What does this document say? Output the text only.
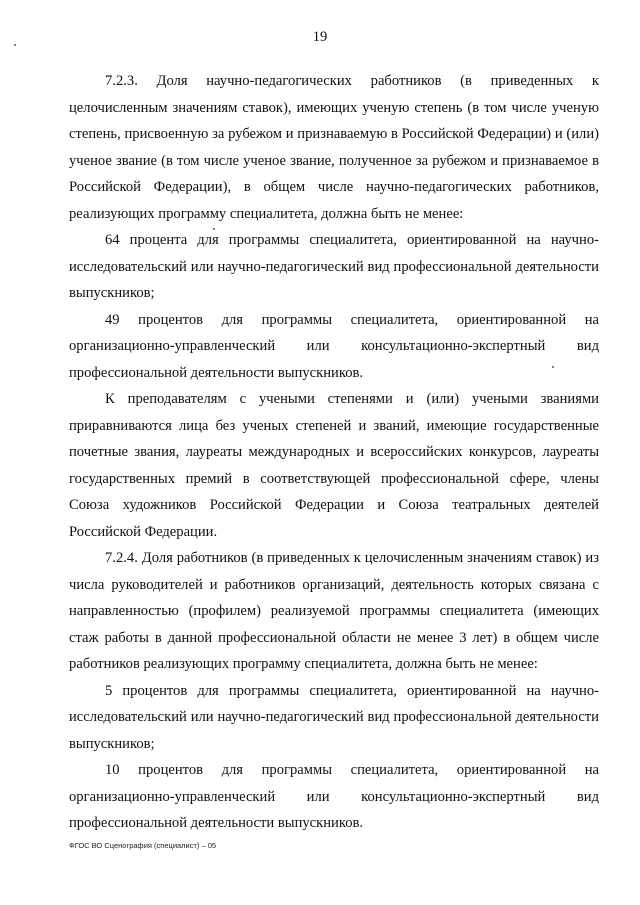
19

7.2.3. Доля научно-педагогических работников (в приведенных к целочисленным значениям ставок), имеющих ученую степень (в том числе ученую степень, присвоенную за рубежом и признаваемую в Российской Федерации) и (или) ученое звание (в том числе ученое звание, полученное за рубежом и признаваемое в Российской Федерации), в общем числе научно-педагогических работников, реализующих программу специалитета, должна быть не менее:

64 процента для программы специалитета, ориентированной на научно-исследовательский или научно-педагогический вид профессиональной деятельности выпускников;

49 процентов для программы специалитета, ориентированной на организационно-управленческий или консультационно-экспертный вид профессиональной деятельности выпускников.

К преподавателям с учеными степенями и (или) учеными званиями приравниваются лица без ученых степеней и званий, имеющие государственные почетные звания, лауреаты международных и всероссийских конкурсов, лауреаты государственных премий в соответствующей профессиональной сфере, члены Союза художников Российской Федерации и Союза театральных деятелей Российской Федерации.

7.2.4. Доля работников (в приведенных к целочисленным значениям ставок) из числа руководителей и работников организаций, деятельность которых связана с направленностью (профилем) реализуемой программы специалитета (имеющих стаж работы в данной профессиональной области не менее 3 лет) в общем числе работников реализующих программу специалитета, должна быть не менее:

5 процентов для программы специалитета, ориентированной на научно-исследовательский или научно-педагогический вид профессиональной деятельности выпускников;

10 процентов для программы специалитета, ориентированной на организационно-управленческий или консультационно-экспертный вид профессиональной деятельности выпускников.

ФГОС ВО Сценография (специалист) – 05
